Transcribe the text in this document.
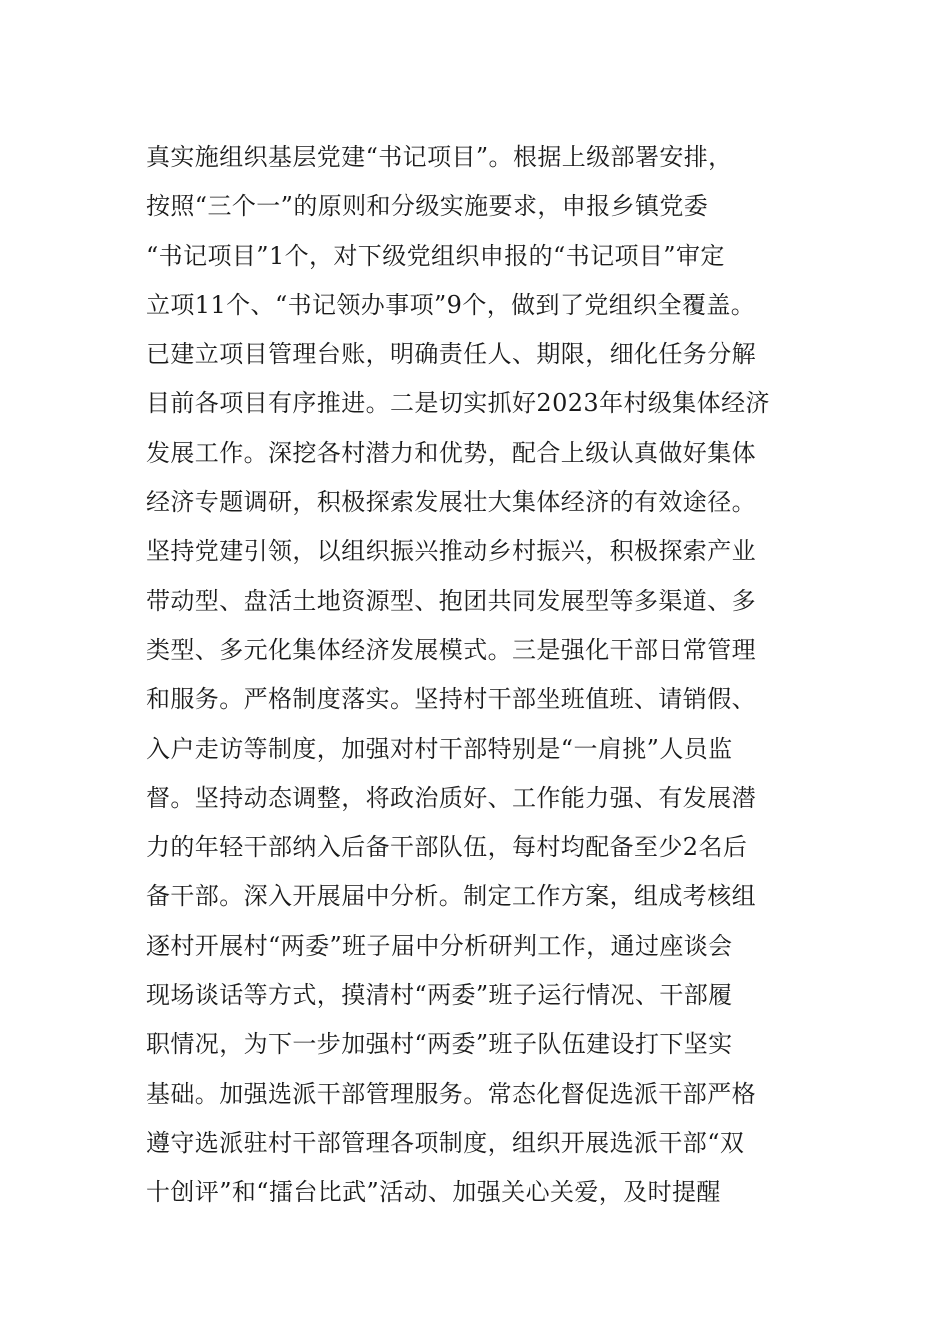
真实施组织基层党建“书记项目”。根据上级部署安排，
按照“三个一”的原则和分级实施要求，申报乡镇党委
“书记项目”1个，对下级党组织申报的“书记项目”审定
立项11个、“书记领办事项”9个，做到了党组织全覆盖。
已建立项目管理台账，明确责任人、期限，细化任务分解
目前各项目有序推进。二是切实抓好2023年村级集体经济
发展工作。深挖各村潜力和优势，配合上级认真做好集体
经济专题调研，积极探索发展壮大集体经济的有效途径。
坚持党建引领，以组织振兴推动乡村振兴，积极探索产业
带动型、盘活土地资源型、抱团共同发展型等多渠道、多
类型、多元化集体经济发展模式。三是强化干部日常管理
和服务。严格制度落实。坚持村干部坐班值班、请销假、
入户走访等制度，加强对村干部特别是“一肩挑”人员监
督。坚持动态调整，将政治质好、工作能力强、有发展潜
力的年轻干部纳入后备干部队伍，每村均配备至少2名后
备干部。深入开展届中分析。制定工作方案，组成考核组
逐村开展村“两委”班子届中分析研判工作，通过座谈会
现场谈话等方式，摸清村“两委”班子运行情况、干部履
职情况，为下一步加强村“两委”班子队伍建设打下坚实
基础。加强选派干部管理服务。常态化督促选派干部严格
遵守选派驻村干部管理各项制度，组织开展选派干部“双
十创评”和“擂台比武”活动、加强关心关爱，及时提醒
